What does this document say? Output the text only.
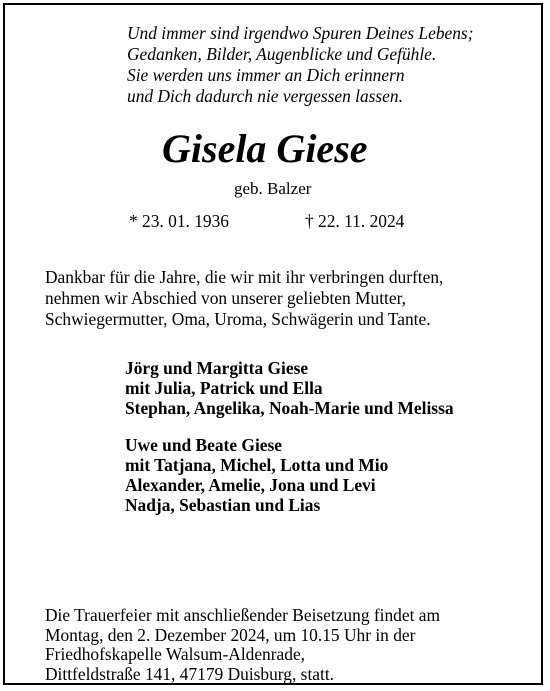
Und immer sind irgendwo Spuren Deines Lebens;
Gedanken, Bilder, Augenblicke und Gefühle.
Sie werden uns immer an Dich erinnern
und Dich dadurch nie vergessen lassen.
Gisela Giese
geb. Balzer
* 23. 01. 1936	† 22. 11. 2024
Dankbar für die Jahre, die wir mit ihr verbringen durften,
nehmen wir Abschied von unserer geliebten Mutter,
Schwiegermutter, Oma, Uroma, Schwägerin und Tante.
Jörg und Margitta Giese
mit Julia, Patrick und Ella
Stephan, Angelika, Noah-Marie und Melissa
Uwe und Beate Giese
mit Tatjana, Michel, Lotta und Mio
Alexander, Amelie, Jona und Levi
Nadja, Sebastian und Lias
Die Trauerfeier mit anschließender Beisetzung findet am
Montag, den 2. Dezember 2024, um 10.15 Uhr in der
Friedhofskapelle Walsum-Aldenrade,
Dittfeldstraße 141, 47179 Duisburg, statt.
